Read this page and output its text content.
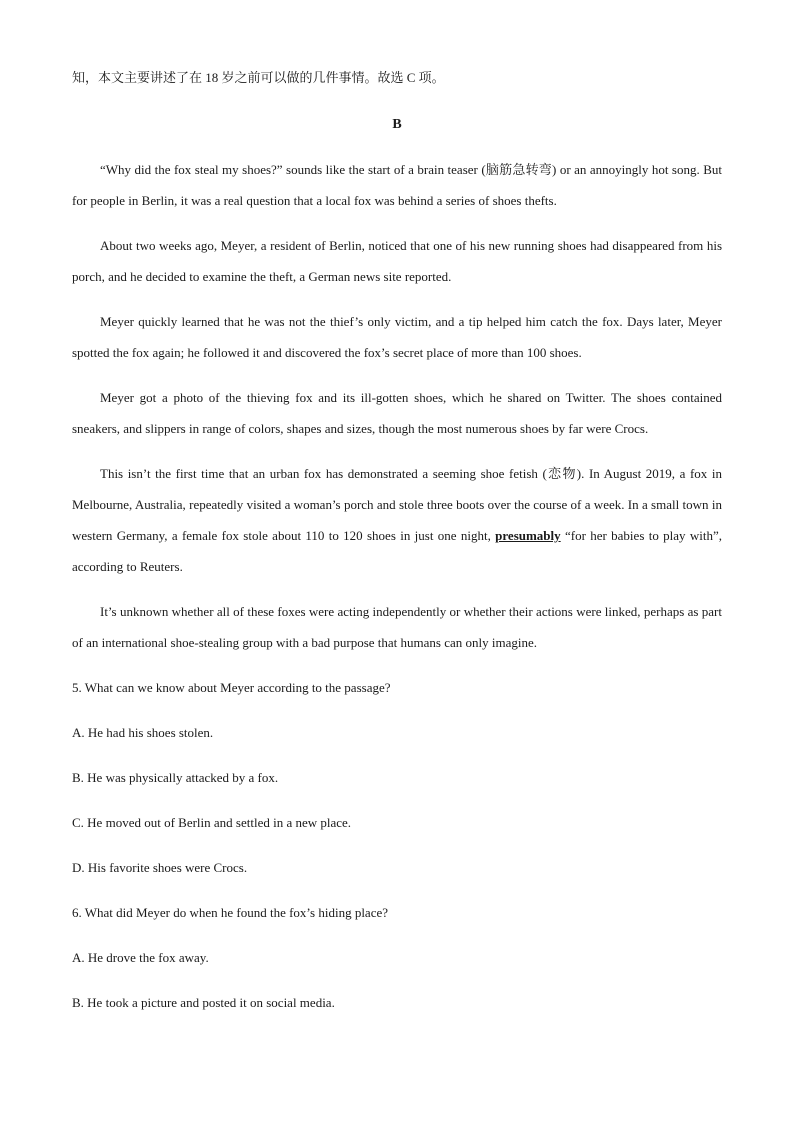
知，本文主要讲述了在 18 岁之前可以做的几件事情。故选 C 项。

B

“Why did the fox steal my shoes?” sounds like the start of a brain teaser (脑筋急转弯) or an annoyingly hot song. But for people in Berlin, it was a real question that a local fox was behind a series of shoes thefts.

About two weeks ago, Meyer, a resident of Berlin, noticed that one of his new running shoes had disappeared from his porch, and he decided to examine the theft, a German news site reported.

Meyer quickly learned that he was not the thief’s only victim, and a tip helped him catch the fox. Days later, Meyer spotted the fox again; he followed it and discovered the fox’s secret place of more than 100 shoes.

Meyer got a photo of the thieving fox and its ill-gotten shoes, which he shared on Twitter. The shoes contained sneakers, and slippers in range of colors, shapes and sizes, though the most numerous shoes by far were Crocs.

This isn’t the first time that an urban fox has demonstrated a seeming shoe fetish (恋物). In August 2019, a fox in Melbourne, Australia, repeatedly visited a woman’s porch and stole three boots over the course of a week. In a small town in western Germany, a female fox stole about 110 to 120 shoes in just one night, presumably “for her babies to play with”, according to Reuters.

It’s unknown whether all of these foxes were acting independently or whether their actions were linked, perhaps as part of an international shoe-stealing group with a bad purpose that humans can only imagine.

5. What can we know about Meyer according to the passage?

A. He had his shoes stolen.

B. He was physically attacked by a fox.

C. He moved out of Berlin and settled in a new place.

D. His favorite shoes were Crocs.

6. What did Meyer do when he found the fox’s hiding place?

A. He drove the fox away.

B. He took a picture and posted it on social media.
